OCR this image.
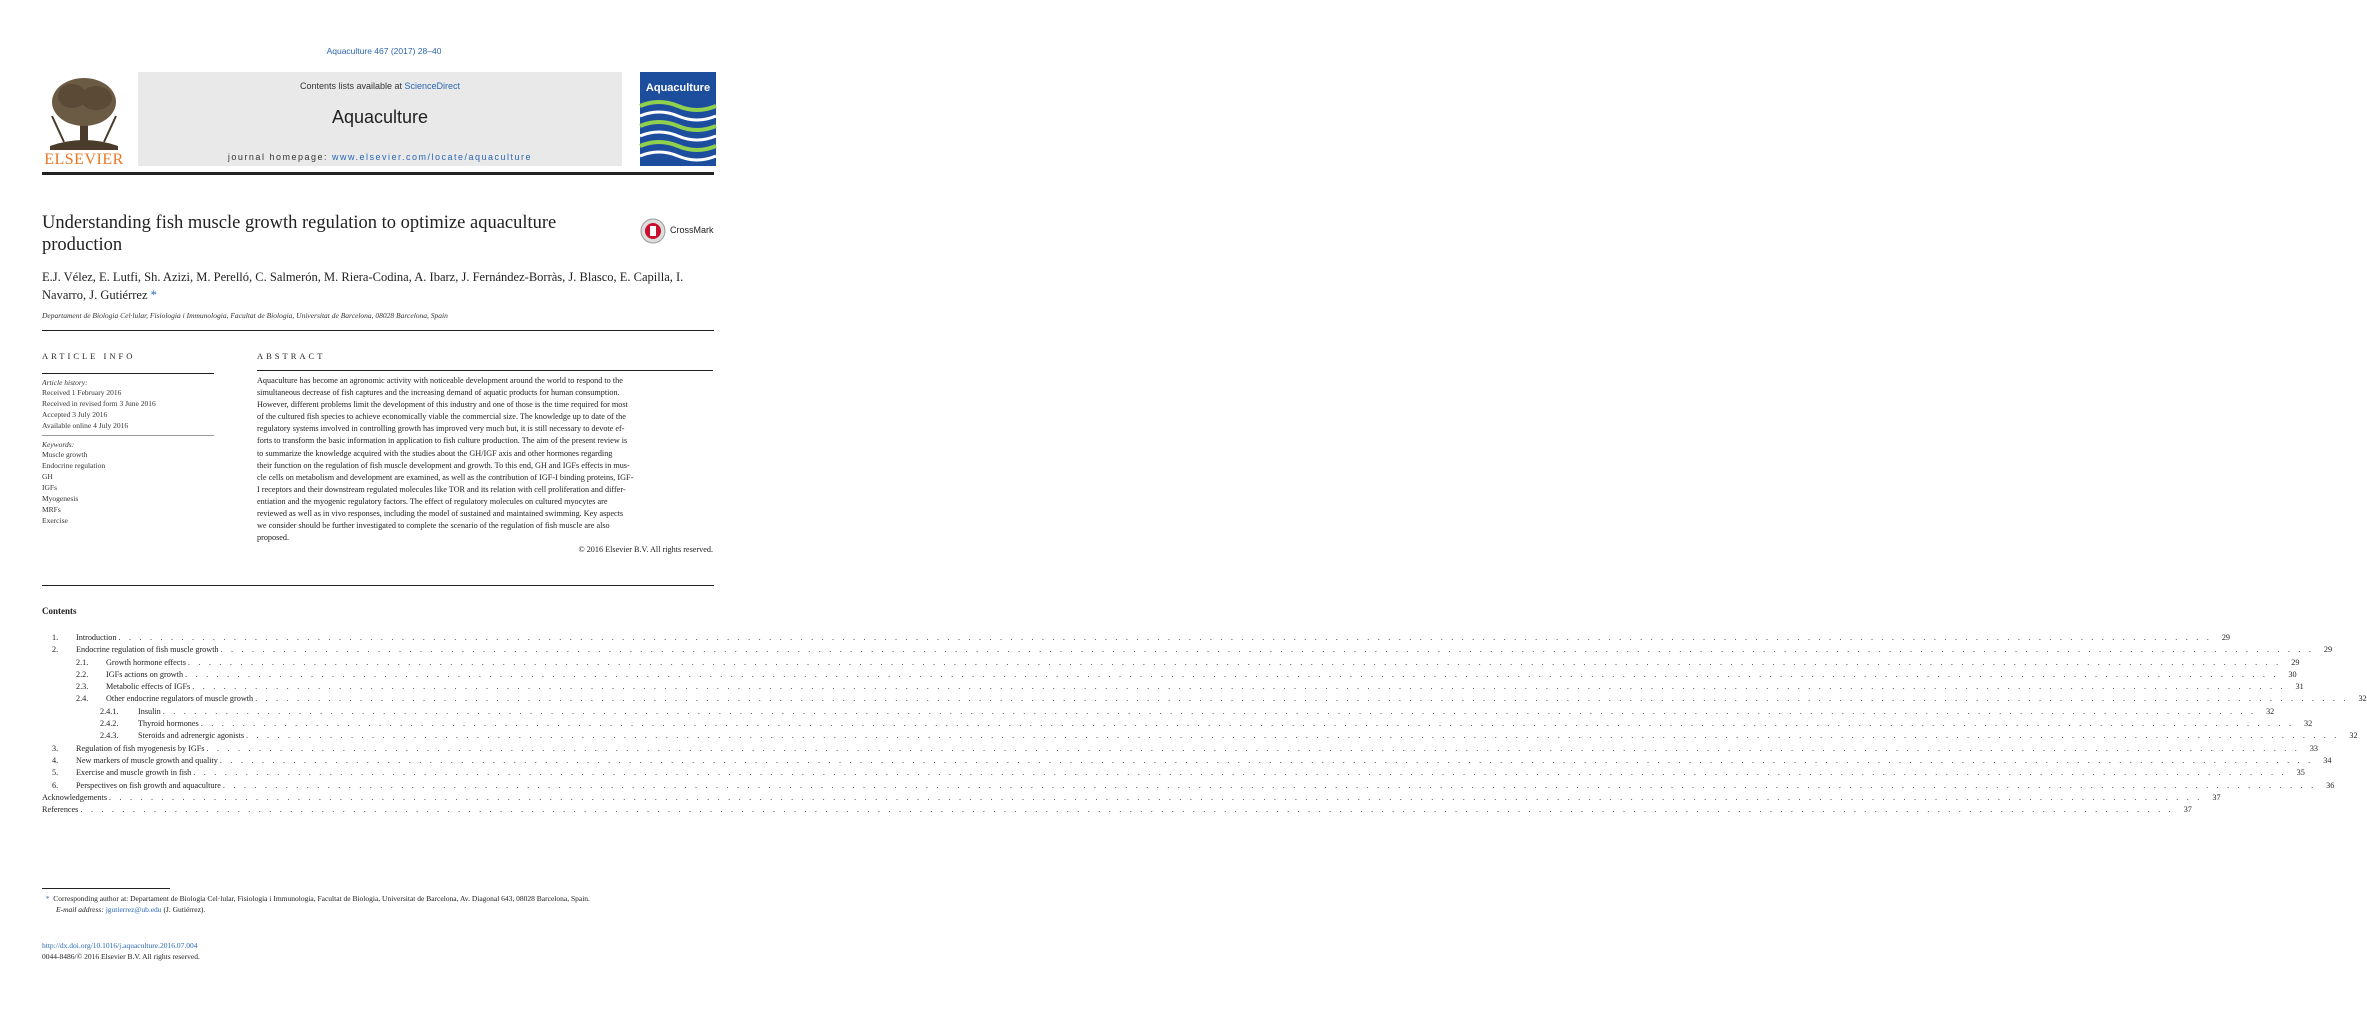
Aquaculture 467 (2017) 28–40
ELSEVIER
Contents lists available at ScienceDirect
Aquaculture
journal homepage: www.elsevier.com/locate/aquaculture
Aquaculture
Understanding fish muscle growth regulation to optimize aquaculture production
CrossMark
E.J. Vélez, E. Lutfi, Sh. Azizi, M. Perelló, C. Salmerón, M. Riera-Codina, A. Ibarz, J. Fernández-Borràs, J. Blasco, E. Capilla, I. Navarro, J. Gutiérrez *
Departament de Biologia Cel·lular, Fisiologia i Immunologia, Facultat de Biologia, Universitat de Barcelona, 08028 Barcelona, Spain
ARTICLE INFO
Article history:
Received 1 February 2016
Received in revised form 3 June 2016
Accepted 3 July 2016
Available online 4 July 2016
Keywords:
Muscle growth
Endocrine regulation
GH
IGFs
Myogenesis
MRFs
Exercise
ABSTRACT
Aquaculture has become an agronomic activity with noticeable development around the world to respond to the
simultaneous decrease of fish captures and the increasing demand of aquatic products for human consumption.
However, different problems limit the development of this industry and one of those is the time required for most
of the cultured fish species to achieve economically viable the commercial size. The knowledge up to date of the
regulatory systems involved in controlling growth has improved very much but, it is still necessary to devote ef-
forts to transform the basic information in application to fish culture production. The aim of the present review is
to summarize the knowledge acquired with the studies about the GH/IGF axis and other hormones regarding
their function on the regulation of fish muscle development and growth. To this end, GH and IGFs effects in mus-
cle cells on metabolism and development are examined, as well as the contribution of IGF-I binding proteins, IGF-
I receptors and their downstream regulated molecules like TOR and its relation with cell proliferation and differ-
entiation and the myogenic regulatory factors. The effect of regulatory molecules on cultured myocytes are
reviewed as well as in vivo responses, including the model of sustained and maintained swimming. Key aspects
we consider should be further investigated to complete the scenario of the regulation of fish muscle are also
proposed.
© 2016 Elsevier B.V. All rights reserved.
Contents
1.	Introduction . . . . . . . . . . . . . . . . . . . . . . . . . . . . . . . . . . . . . . . . . . . . . . . . . . . . . . . . . . . . . . . . . . . . . . . . . . . . . . . . . . . . . . . . . . . . . . . . . . . . . . . . . . . . . . . . . . . . . . . . . . . . . . . . . . . . . . . . . . . . . . . . . . . . . . . . . . . . . . . . . . . . . . . . . . . . . . . . . . . . . . . . . . . . . . . . . . . . . . . .	29
2.	Endocrine regulation of fish muscle growth . . . . . . . . . . . . . . . . . . . . . . . . . . . . . . . . . . . . . . . . . . . . . . . . . . . . . . . . . . . . . . . . . . . . . . . . . . . . . . . . . . . . . . . . . . . . . . . . . . . . . . . . . . . . . . . . . . . . . . . . . . . . . . . . . . . . . . . . . . . . . . . . . . . . . . . . . . . . . . . . . . . . . . . . . . . . . . . . . . . . . . . . . . . . . . . . . . . . . . . .	29
2.1.	Growth hormone effects . . . . . . . . . . . . . . . . . . . . . . . . . . . . . . . . . . . . . . . . . . . . . . . . . . . . . . . . . . . . . . . . . . . . . . . . . . . . . . . . . . . . . . . . . . . . . . . . . . . . . . . . . . . . . . . . . . . . . . . . . . . . . . . . . . . . . . . . . . . . . . . . . . . . . . . . . . . . . . . . . . . . . . . . . . . . . . . . . . . . . . . . . . . . . . . . . . . . . . . .	29
2.2.	IGFs actions on growth . . . . . . . . . . . . . . . . . . . . . . . . . . . . . . . . . . . . . . . . . . . . . . . . . . . . . . . . . . . . . . . . . . . . . . . . . . . . . . . . . . . . . . . . . . . . . . . . . . . . . . . . . . . . . . . . . . . . . . . . . . . . . . . . . . . . . . . . . . . . . . . . . . . . . . . . . . . . . . . . . . . . . . . . . . . . . . . . . . . . . . . . . . . . . . . . . . . . . . . .	30
2.3.	Metabolic effects of IGFs . . . . . . . . . . . . . . . . . . . . . . . . . . . . . . . . . . . . . . . . . . . . . . . . . . . . . . . . . . . . . . . . . . . . . . . . . . . . . . . . . . . . . . . . . . . . . . . . . . . . . . . . . . . . . . . . . . . . . . . . . . . . . . . . . . . . . . . . . . . . . . . . . . . . . . . . . . . . . . . . . . . . . . . . . . . . . . . . . . . . . . . . . . . . . . . . . . . . . . . .	31
2.4.	Other endocrine regulators of muscle growth . . . . . . . . . . . . . . . . . . . . . . . . . . . . . . . . . . . . . . . . . . . . . . . . . . . . . . . . . . . . . . . . . . . . . . . . . . . . . . . . . . . . . . . . . . . . . . . . . . . . . . . . . . . . . . . . . . . . . . . . . . . . . . . . . . . . . . . . . . . . . . . . . . . . . . . . . . . . . . . . . . . . . . . . . . . . . . . . . . . . . . . . . . . . . . . . . . . . . . . .	32
2.4.1.	Insulin . . . . . . . . . . . . . . . . . . . . . . . . . . . . . . . . . . . . . . . . . . . . . . . . . . . . . . . . . . . . . . . . . . . . . . . . . . . . . . . . . . . . . . . . . . . . . . . . . . . . . . . . . . . . . . . . . . . . . . . . . . . . . . . . . . . . . . . . . . . . . . . . . . . . . . . . . . . . . . . . . . . . . . . . . . . . . . . . . . . . . . . . . . . . . . . . . . . . . . . .	32
2.4.2.	Thyroid hormones . . . . . . . . . . . . . . . . . . . . . . . . . . . . . . . . . . . . . . . . . . . . . . . . . . . . . . . . . . . . . . . . . . . . . . . . . . . . . . . . . . . . . . . . . . . . . . . . . . . . . . . . . . . . . . . . . . . . . . . . . . . . . . . . . . . . . . . . . . . . . . . . . . . . . . . . . . . . . . . . . . . . . . . . . . . . . . . . . . . . . . . . . . . . . . . . . . . . . . . .	32
2.4.3.	Steroids and adrenergic agonists . . . . . . . . . . . . . . . . . . . . . . . . . . . . . . . . . . . . . . . . . . . . . . . . . . . . . . . . . . . . . . . . . . . . . . . . . . . . . . . . . . . . . . . . . . . . . . . . . . . . . . . . . . . . . . . . . . . . . . . . . . . . . . . . . . . . . . . . . . . . . . . . . . . . . . . . . . . . . . . . . . . . . . . . . . . . . . . . . . . . . . . . . . . . . . . . . . . . . . . .	32
3.	Regulation of fish myogenesis by IGFs . . . . . . . . . . . . . . . . . . . . . . . . . . . . . . . . . . . . . . . . . . . . . . . . . . . . . . . . . . . . . . . . . . . . . . . . . . . . . . . . . . . . . . . . . . . . . . . . . . . . . . . . . . . . . . . . . . . . . . . . . . . . . . . . . . . . . . . . . . . . . . . . . . . . . . . . . . . . . . . . . . . . . . . . . . . . . . . . . . . . . . . . . . . . . . . . . . . . . . . .	33
4.	New markers of muscle growth and quality . . . . . . . . . . . . . . . . . . . . . . . . . . . . . . . . . . . . . . . . . . . . . . . . . . . . . . . . . . . . . . . . . . . . . . . . . . . . . . . . . . . . . . . . . . . . . . . . . . . . . . . . . . . . . . . . . . . . . . . . . . . . . . . . . . . . . . . . . . . . . . . . . . . . . . . . . . . . . . . . . . . . . . . . . . . . . . . . . . . . . . . . . . . . . . . . . . . . . . . .	34
5.	Exercise and muscle growth in fish . . . . . . . . . . . . . . . . . . . . . . . . . . . . . . . . . . . . . . . . . . . . . . . . . . . . . . . . . . . . . . . . . . . . . . . . . . . . . . . . . . . . . . . . . . . . . . . . . . . . . . . . . . . . . . . . . . . . . . . . . . . . . . . . . . . . . . . . . . . . . . . . . . . . . . . . . . . . . . . . . . . . . . . . . . . . . . . . . . . . . . . . . . . . . . . . . . . . . . . .	35
6.	Perspectives on fish growth and aquaculture . . . . . . . . . . . . . . . . . . . . . . . . . . . . . . . . . . . . . . . . . . . . . . . . . . . . . . . . . . . . . . . . . . . . . . . . . . . . . . . . . . . . . . . . . . . . . . . . . . . . . . . . . . . . . . . . . . . . . . . . . . . . . . . . . . . . . . . . . . . . . . . . . . . . . . . . . . . . . . . . . . . . . . . . . . . . . . . . . . . . . . . . . . . . . . . . . . . . . . . .	36
Acknowledgements . . . . . . . . . . . . . . . . . . . . . . . . . . . . . . . . . . . . . . . . . . . . . . . . . . . . . . . . . . . . . . . . . . . . . . . . . . . . . . . . . . . . . . . . . . . . . . . . . . . . . . . . . . . . . . . . . . . . . . . . . . . . . . . . . . . . . . . . . . . . . . . . . . . . . . . . . . . . . . . . . . . . . . . . . . . . . . . . . . . . . . . . . . . . . . . . . . . . . . . .	37
References . . . . . . . . . . . . . . . . . . . . . . . . . . . . . . . . . . . . . . . . . . . . . . . . . . . . . . . . . . . . . . . . . . . . . . . . . . . . . . . . . . . . . . . . . . . . . . . . . . . . . . . . . . . . . . . . . . . . . . . . . . . . . . . . . . . . . . . . . . . . . . . . . . . . . . . . . . . . . . . . . . . . . . . . . . . . . . . . . . . . . . . . . . . . . . . . . . . . . . . .	37
* Corresponding author at: Departament de Biologia Cel·lular, Fisiologia i Immunologia, Facultat de Biologia, Universitat de Barcelona, Av. Diagonal 643, 08028 Barcelona, Spain.
E-mail address: jgutierrez@ub.edu (J. Gutiérrez).
http://dx.doi.org/10.1016/j.aquaculture.2016.07.004
0044-8486/© 2016 Elsevier B.V. All rights reserved.
